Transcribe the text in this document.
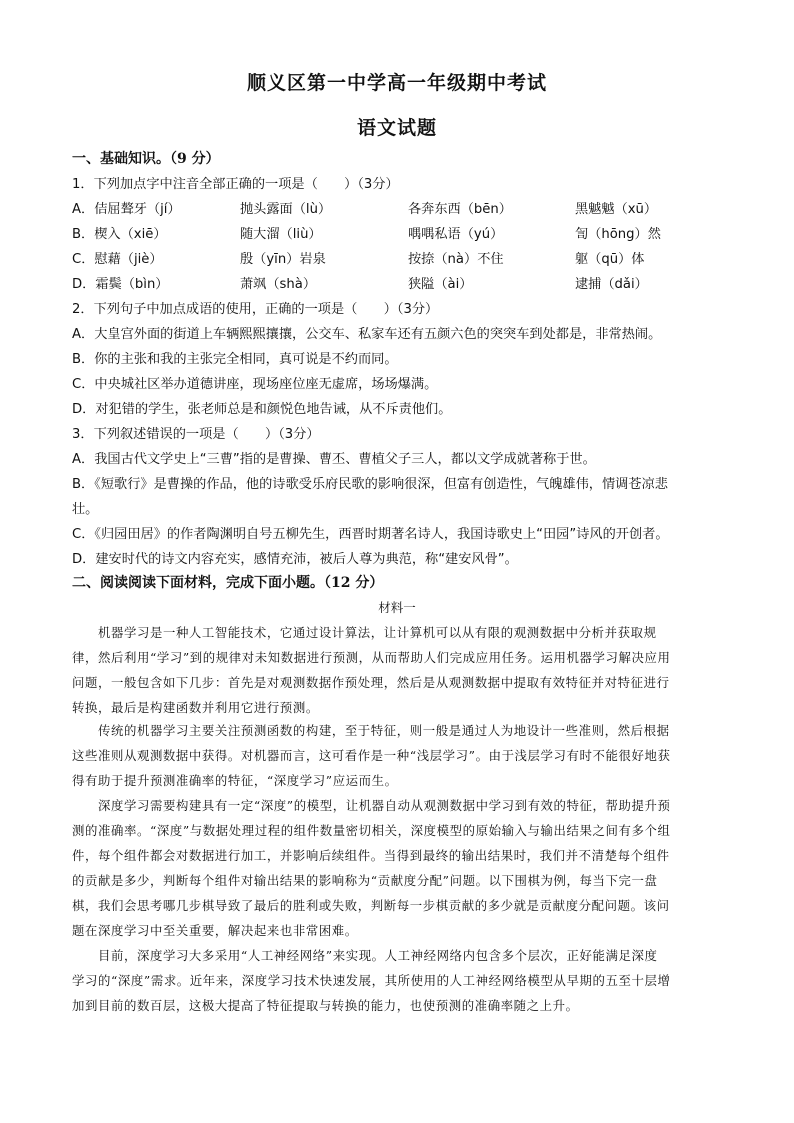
顺义区第一中学高一年级期中考试
语文试题
一、基础知识。（9 分）
1．下列加点字中注音全部正确的一项是（　　）（3分）
A．佶屈聱牙（jí）	抛头露面（lù）	各奔东西（bēn）	黑魆魆（xū）
B．楔入（xiē）	随大溜（liù）	喁喁私语（yú）	訇（hōng）然
C．慰藉（jiè）	殷（yīn）岩泉	按捺（nà）不住	躯（qū）体
D．霜鬓（bìn）	萧飒（shà）	狭隘（ài）	逮捕（dǎi）
2．下列句子中加点成语的使用，正确的一项是（　　）（3分）
A．大皇宫外面的街道上车辆熙熙攘攘，公交车、私家车还有五颜六色的突突车到处都是，非常热闹。
B．你的主张和我的主张完全相同，真可说是不约而同。
C．中央城社区举办道德讲座，现场座位座无虚席，场场爆满。
D．对犯错的学生，张老师总是和颜悦色地告诫，从不斥责他们。
3．下列叙述错误的一项是（　　）（3分）
A．我国古代文学史上“三曹”指的是曹操、曹丕、曹植父子三人，都以文学成就著称于世。
B．《短歌行》是曹操的作品，他的诗歌受乐府民歌的影响很深，但富有创造性，气魄雄伟，情调苍凉悲
壮。
C．《归园田居》的作者陶渊明自号五柳先生，西晋时期著名诗人，我国诗歌史上“田园”诗风的开创者。
D．建安时代的诗文内容充实，感情充沛，被后人尊为典范，称“建安风骨”。
二、阅读阅读下面材料，完成下面小题。（12 分）
材料一
机器学习是一种人工智能技术，它通过设计算法，让计算机可以从有限的观测数据中分析并获取规
律，然后利用“学习”到的规律对未知数据进行预测，从而帮助人们完成应用任务。运用机器学习解决应用
问题，一般包含如下几步：首先是对观测数据作预处理，然后是从观测数据中提取有效特征并对特征进行
转换，最后是构建函数并利用它进行预测。
传统的机器学习主要关注预测函数的构建，至于特征，则一般是通过人为地设计一些准则，然后根据
这些准则从观测数据中获得。对机器而言，这可看作是一种“浅层学习”。由于浅层学习有时不能很好地获
得有助于提升预测准确率的特征，“深度学习”应运而生。
深度学习需要构建具有一定“深度”的模型，让机器自动从观测数据中学习到有效的特征，帮助提升预
测的准确率。“深度”与数据处理过程的组件数量密切相关，深度模型的原始输入与输出结果之间有多个组
件，每个组件都会对数据进行加工，并影响后续组件。当得到最终的输出结果时，我们并不清楚每个组件
的贡献是多少，判断每个组件对输出结果的影响称为“贡献度分配”问题。以下围棋为例，每当下完一盘
棋，我们会思考哪几步棋导致了最后的胜利或失败，判断每一步棋贡献的多少就是贡献度分配问题。该问
题在深度学习中至关重要，解决起来也非常困难。
目前，深度学习大多采用“人工神经网络”来实现。人工神经网络内包含多个层次，正好能满足深度
学习的“深度”需求。近年来，深度学习技术快速发展，其所使用的人工神经网络模型从早期的五至十层增
加到目前的数百层，这极大提高了特征提取与转换的能力，也使预测的准确率随之上升。
